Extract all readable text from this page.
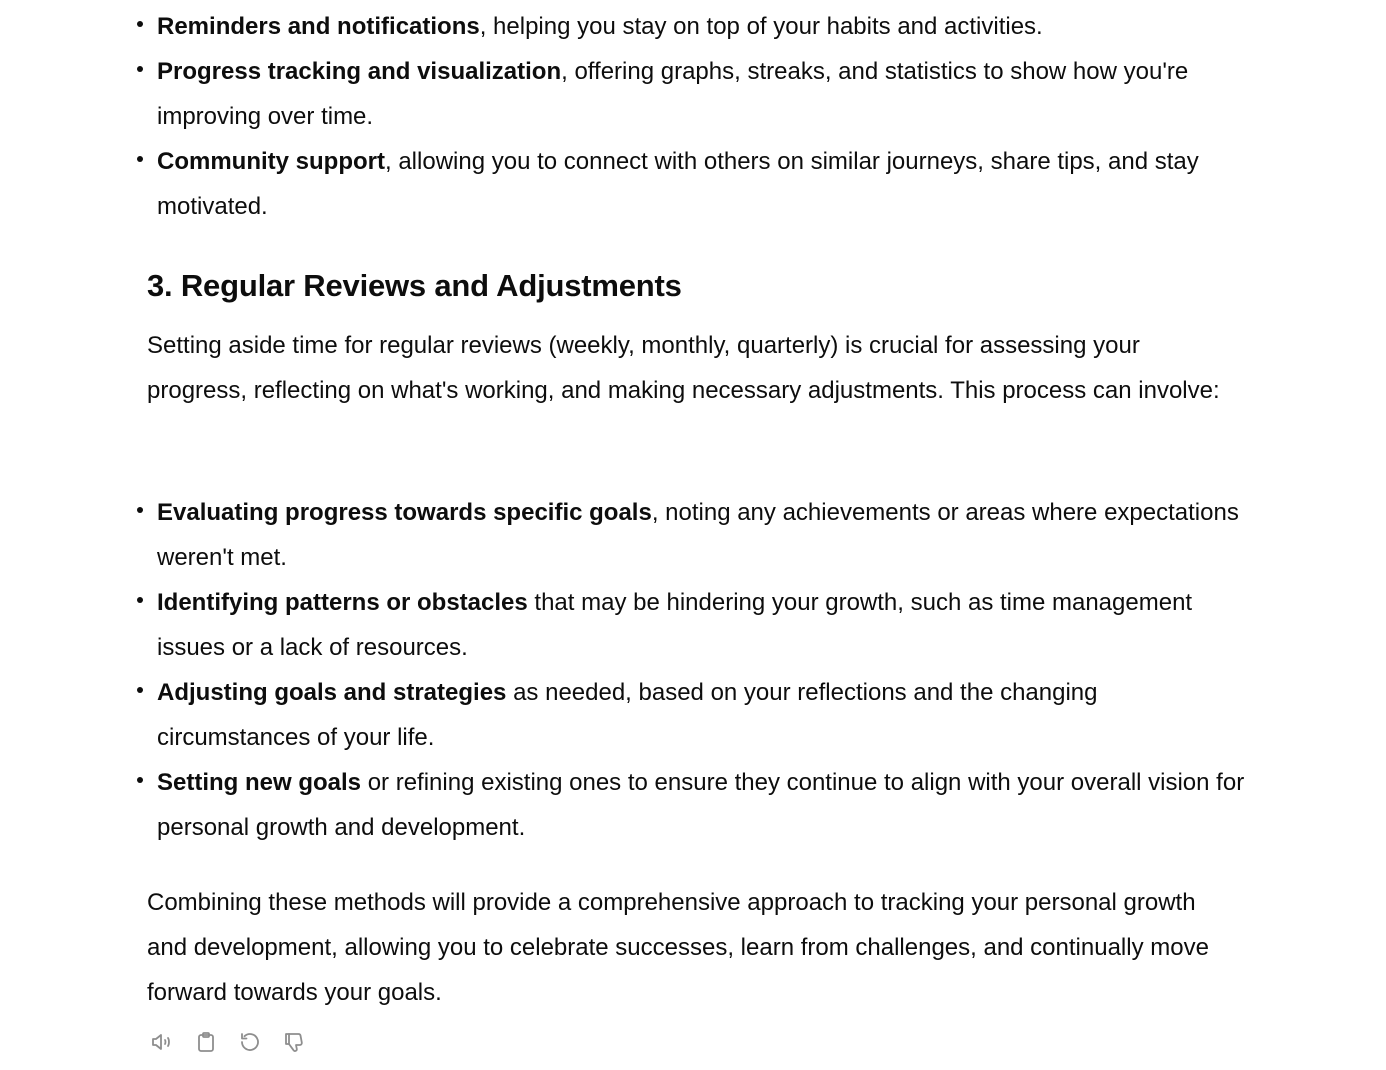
Reminders and notifications, helping you stay on top of your habits and activities.
Progress tracking and visualization, offering graphs, streaks, and statistics to show how you're improving over time.
Community support, allowing you to connect with others on similar journeys, share tips, and stay motivated.
3. Regular Reviews and Adjustments

Setting aside time for regular reviews (weekly, monthly, quarterly) is crucial for assessing your progress, reflecting on what's working, and making necessary adjustments. This process can involve:

Evaluating progress towards specific goals, noting any achievements or areas where expectations weren't met.
Identifying patterns or obstacles that may be hindering your growth, such as time management issues or a lack of resources.
Adjusting goals and strategies as needed, based on your reflections and the changing circumstances of your life.
Setting new goals or refining existing ones to ensure they continue to align with your overall vision for personal growth and development.

Combining these methods will provide a comprehensive approach to tracking your personal growth and development, allowing you to celebrate successes, learn from challenges, and continually move forward towards your goals.
